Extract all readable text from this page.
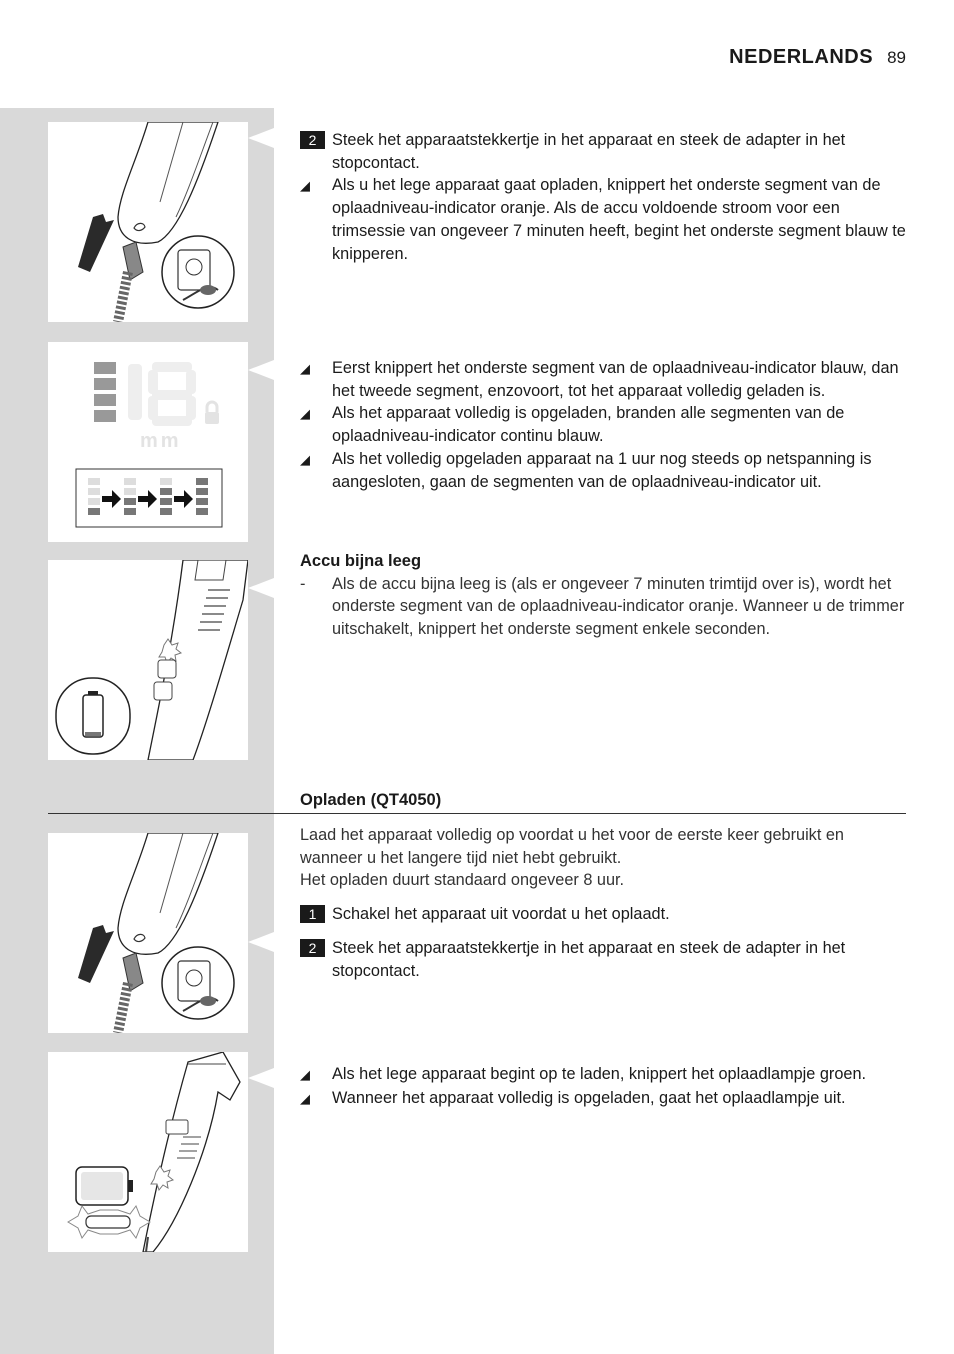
NEDERLANDS 89
mm
2 Steek het apparaatstekkertje in het apparaat en steek de adapter in het stopcontact.
◢	Als u het lege apparaat gaat opladen, knippert het onderste segment van de oplaadniveau-indicator oranje. Als de accu voldoende stroom voor een trimsessie van ongeveer 7 minuten heeft, begint het onderste segment blauw te knipperen.
◢	Eerst knippert het onderste segment van de oplaadniveau-indicator blauw, dan het tweede segment, enzovoort, tot het apparaat volledig geladen is.
◢	Als het apparaat volledig is opgeladen, branden alle segmenten van de oplaadniveau-indicator continu blauw.
◢	Als het volledig opgeladen apparaat na 1 uur nog steeds op netspanning is aangesloten, gaan de segmenten van de oplaadniveau-indicator uit.
Accu bijna leeg
-	Als de accu bijna leeg is (als er ongeveer 7 minuten trimtijd over is), wordt het onderste segment van de oplaadniveau-indicator oranje. Wanneer u de trimmer uitschakelt, knippert het onderste segment enkele seconden.
Opladen (QT4050)
Laad het apparaat volledig op voordat u het voor de eerste keer gebruikt en wanneer u het langere tijd niet hebt gebruikt.
Het opladen duurt standaard ongeveer 8 uur.
1 Schakel het apparaat uit voordat u het oplaadt.
2 Steek het apparaatstekkertje in het apparaat en steek de adapter in het stopcontact.
◢	Als het lege apparaat begint op te laden, knippert het oplaadlampje groen.
◢	Wanneer het apparaat volledig is opgeladen, gaat het oplaadlampje uit.
